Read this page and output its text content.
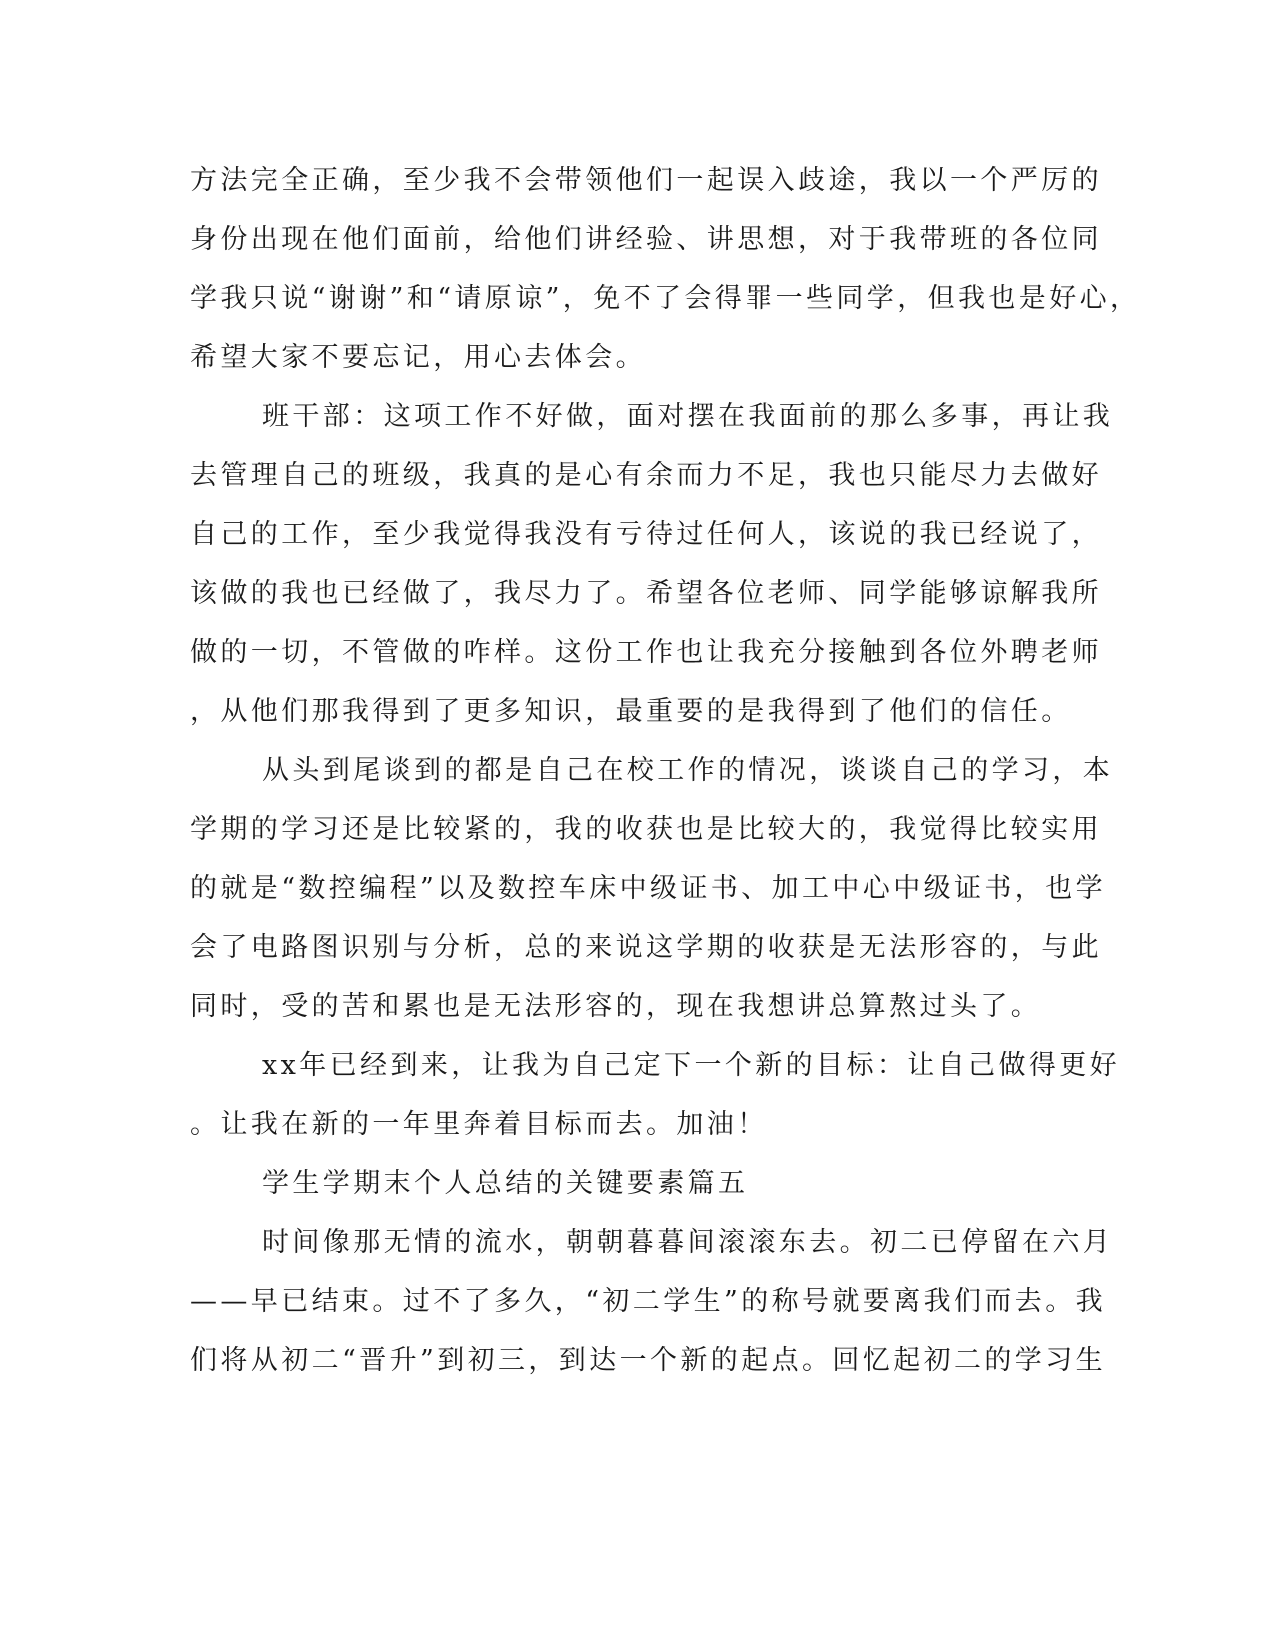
方法完全正确，至少我不会带领他们一起误入歧途，我以一个严厉的
身份出现在他们面前，给他们讲经验、讲思想，对于我带班的各位同
学我只说“谢谢”和“请原谅”，免不了会得罪一些同学，但我也是好心，
希望大家不要忘记，用心去体会。
班干部：这项工作不好做，面对摆在我面前的那么多事，再让我
去管理自己的班级，我真的是心有余而力不足，我也只能尽力去做好
自己的工作，至少我觉得我没有亏待过任何人，该说的我已经说了，
该做的我也已经做了，我尽力了。希望各位老师、同学能够谅解我所
做的一切，不管做的咋样。这份工作也让我充分接触到各位外聘老师
，从他们那我得到了更多知识，最重要的是我得到了他们的信任。
从头到尾谈到的都是自己在校工作的情况，谈谈自己的学习，本
学期的学习还是比较紧的，我的收获也是比较大的，我觉得比较实用
的就是“数控编程”以及数控车床中级证书、加工中心中级证书，也学
会了电路图识别与分析，总的来说这学期的收获是无法形容的，与此
同时，受的苦和累也是无法形容的，现在我想讲总算熬过头了。
xx年已经到来，让我为自己定下一个新的目标：让自己做得更好
。让我在新的一年里奔着目标而去。加油！
学生学期末个人总结的关键要素篇五
时间像那无情的流水，朝朝暮暮间滚滚东去。初二已停留在六月
——早已结束。过不了多久，“初二学生”的称号就要离我们而去。我
们将从初二“晋升”到初三，到达一个新的起点。回忆起初二的学习生
